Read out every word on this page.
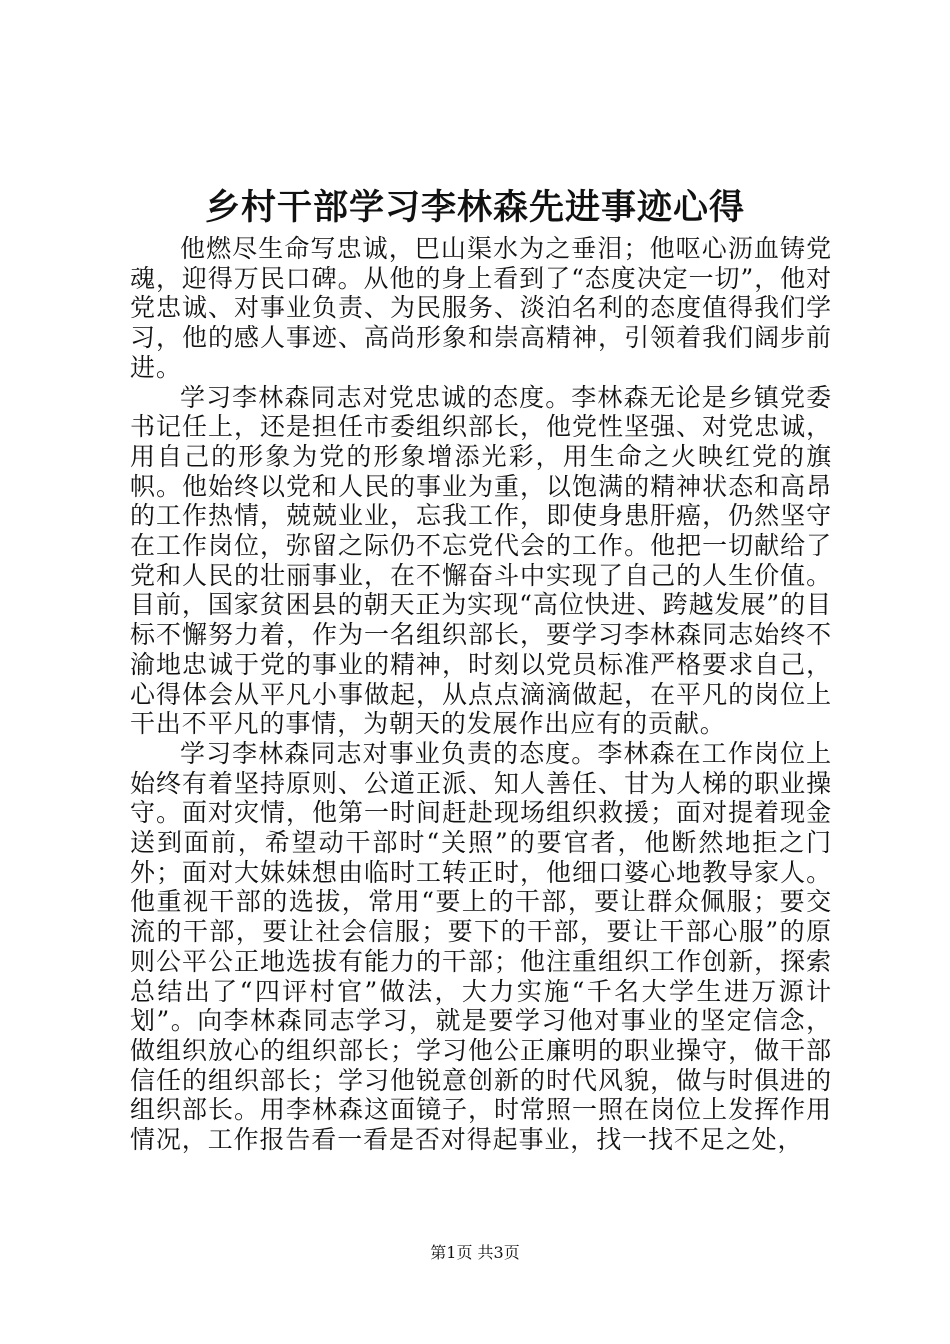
乡村干部学习李林森先进事迹心得

他燃尽生命写忠诚，巴山渠水为之垂泪；他呕心沥血铸党魂，迎得万民口碑。从他的身上看到了“态度决定一切”，他对党忠诚、对事业负责、为民服务、淡泊名利的态度值得我们学习，他的感人事迹、高尚形象和崇高精神，引领着我们阔步前进。

学习李林森同志对党忠诚的态度。李林森无论是乡镇党委书记任上，还是担任市委组织部长，他党性坚强、对党忠诚，用自己的形象为党的形象增添光彩，用生命之火映红党的旗帜。他始终以党和人民的事业为重，以饱满的精神状态和高昂的工作热情，兢兢业业，忘我工作，即使身患肝癌，仍然坚守在工作岗位，弥留之际仍不忘党代会的工作。他把一切献给了党和人民的壮丽事业，在不懈奋斗中实现了自己的人生价值。目前，国家贫困县的朝天正为实现“高位快进、跨越发展”的目标不懈努力着，作为一名组织部长，要学习李林森同志始终不渝地忠诚于党的事业的精神，时刻以党员标准严格要求自己，心得体会从平凡小事做起，从点点滴滴做起，在平凡的岗位上干出不平凡的事情，为朝天的发展作出应有的贡献。

学习李林森同志对事业负责的态度。李林森在工作岗位上始终有着坚持原则、公道正派、知人善任、甘为人梯的职业操守。面对灾情，他第一时间赶赴现场组织救援；面对提着现金送到面前，希望动干部时“关照”的要官者，他断然地拒之门外；面对大妹妹想由临时工转正时，他细口婆心地教导家人。他重视干部的选拔，常用“要上的干部，要让群众佩服；要交流的干部，要让社会信服；要下的干部，要让干部心服”的原则公平公正地选拔有能力的干部；他注重组织工作创新，探索总结出了“四评村官”做法，大力实施“千名大学生进万源计划”。向李林森同志学习，就是要学习他对事业的坚定信念，做组织放心的组织部长；学习他公正廉明的职业操守，做干部信任的组织部长；学习他锐意创新的时代风貌，做与时俱进的组织部长。用李林森这面镜子，时常照一照在岗位上发挥作用情况，工作报告看一看是否对得起事业，找一找不足之处，

第1页 共3页
